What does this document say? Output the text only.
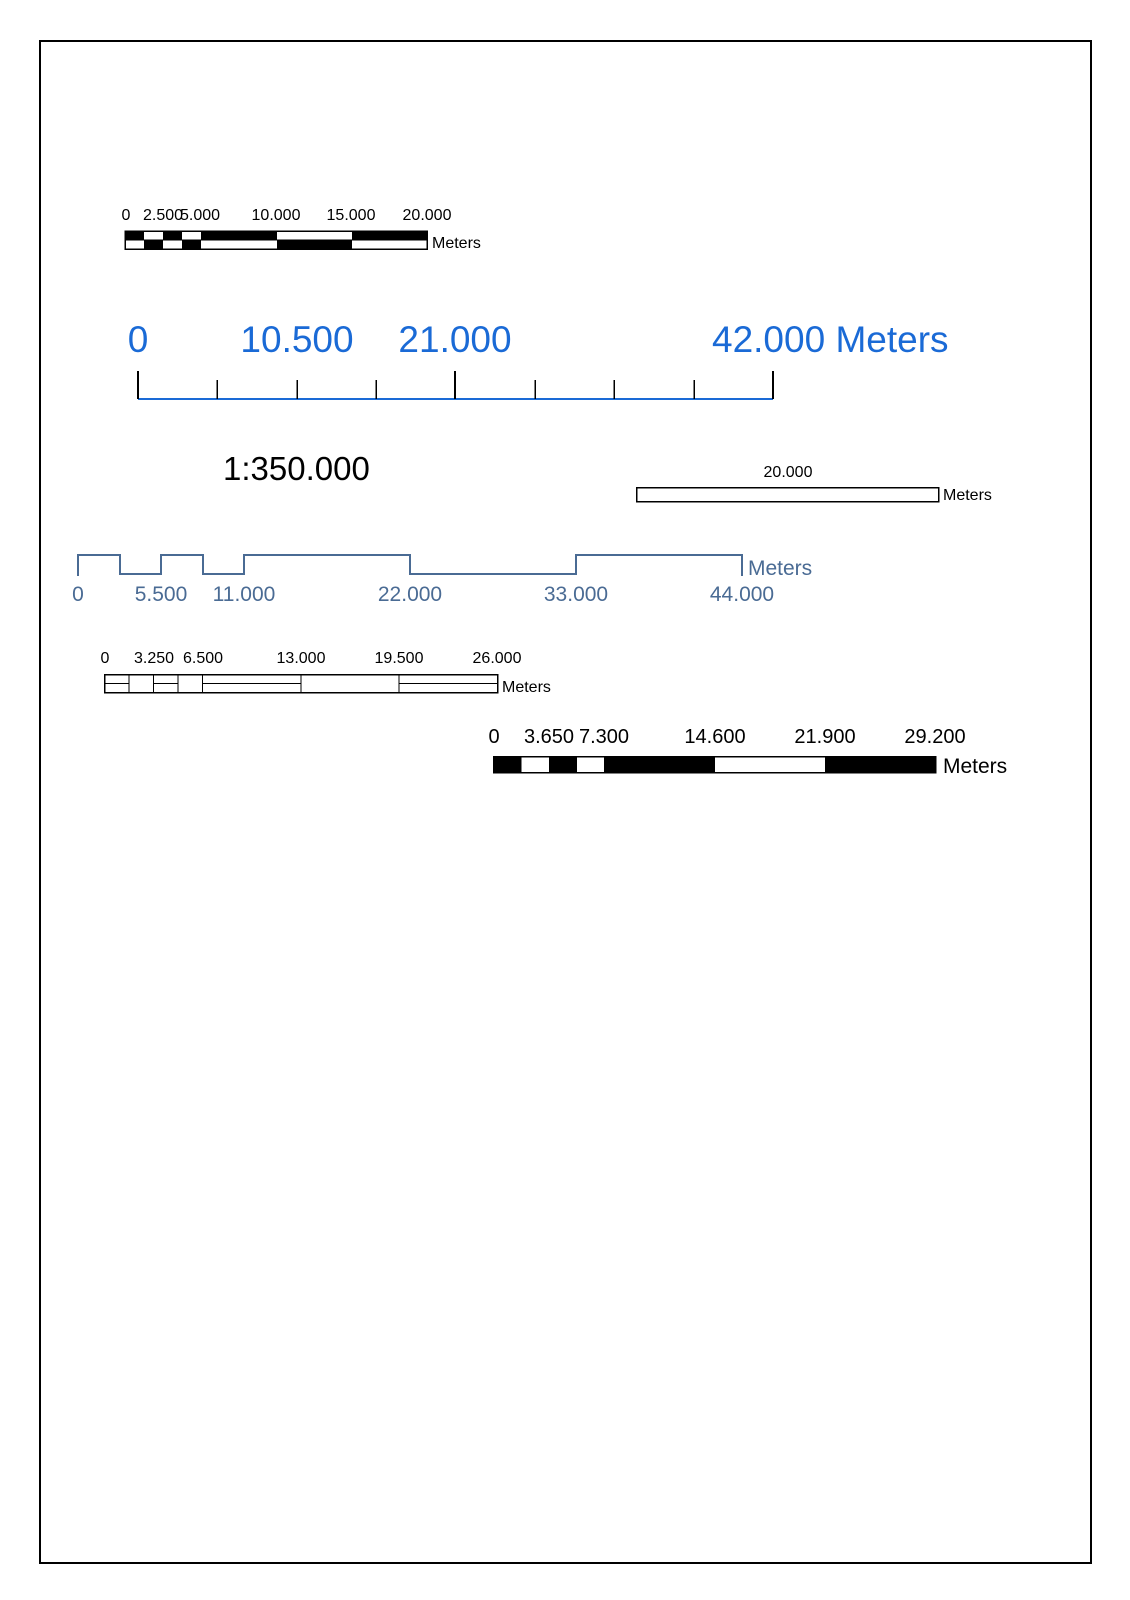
0 2.500
5.000 10.000 15.000 20.000
Meters
0 10.500 21.000	42.000 Meters
1:350.000	20.000
Meters
Meters
0 5.500 11.000	22.000	33.000	44.000
0 3.250 6.500	13.000	19.500	26.000
Meters
0 3.650 7.300	14.600 21.900 29.200
Meters
